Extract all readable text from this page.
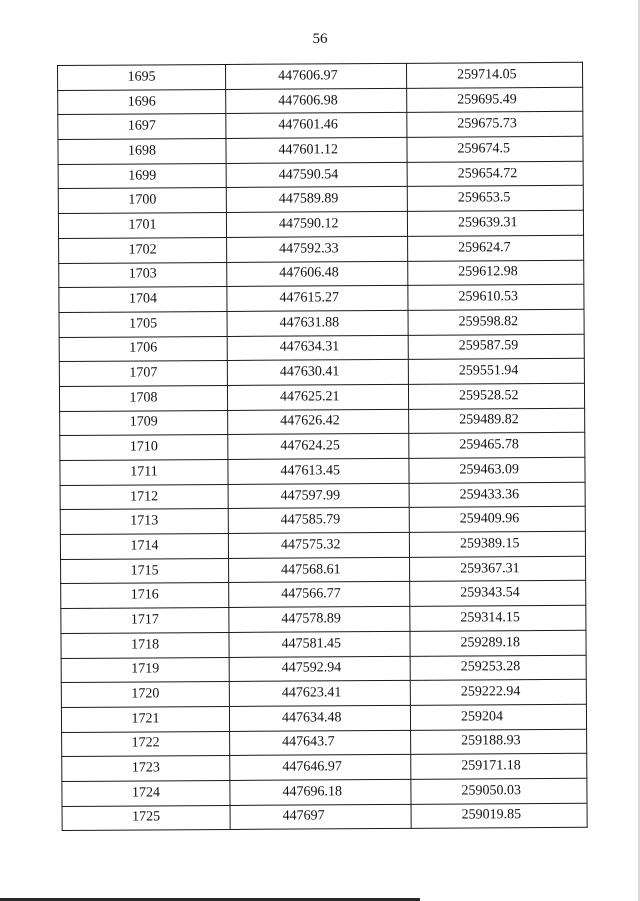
56
1695	447606.97	259714.05
1696	447606.98	259695.49
1697	447601.46	259675.73
1698	447601.12	259674.5
1699	447590.54	259654.72
1700	447589.89	259653.5
1701	447590.12	259639.31
1702	447592.33	259624.7
1703	447606.48	259612.98
1704	447615.27	259610.53
1705	447631.88	259598.82
1706	447634.31	259587.59
1707	447630.41	259551.94
1708	447625.21	259528.52
1709	447626.42	259489.82
1710	447624.25	259465.78
1711	447613.45	259463.09
1712	447597.99	259433.36
1713	447585.79	259409.96
1714	447575.32	259389.15
1715	447568.61	259367.31
1716	447566.77	259343.54
1717	447578.89	259314.15
1718	447581.45	259289.18
1719	447592.94	259253.28
1720	447623.41	259222.94
1721	447634.48	259204
1722	447643.7	259188.93
1723	447646.97	259171.18
1724	447696.18	259050.03
1725	447697	259019.85
